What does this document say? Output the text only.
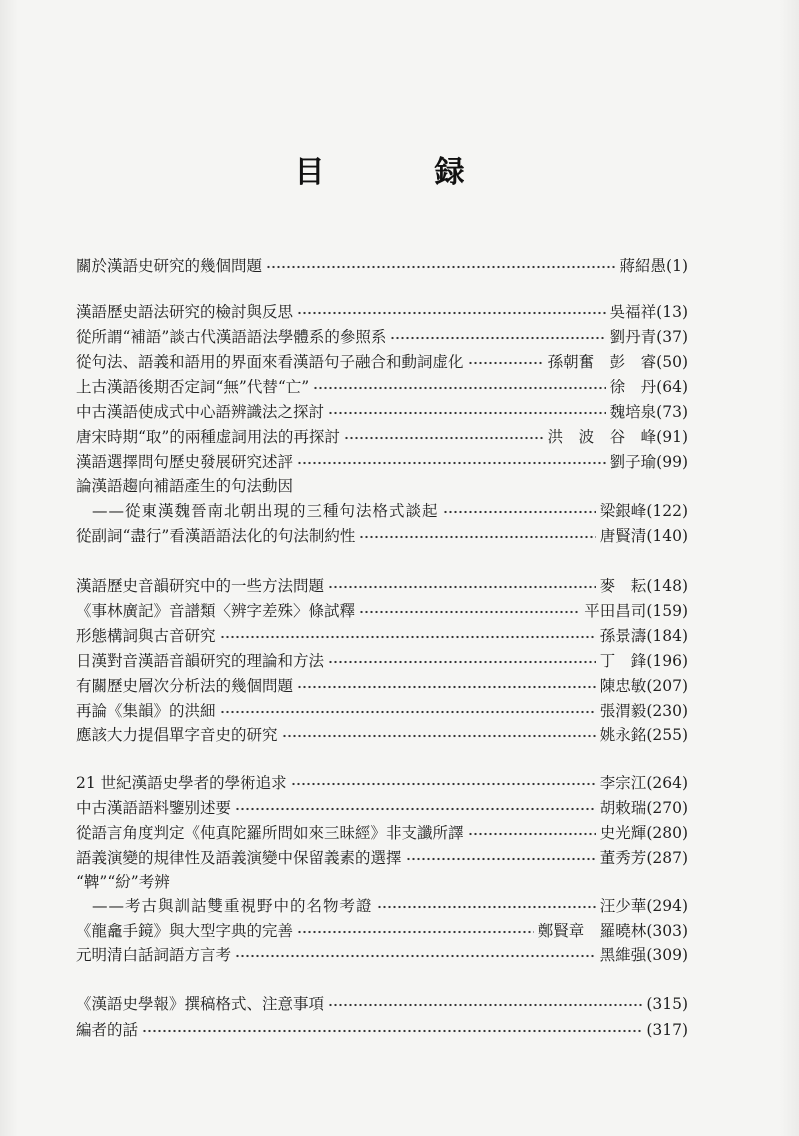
目　録
關於漢語史研究的幾個問題	蔣紹愚 (1)
漢語歷史語法研究的檢討與反思	吳福祥 (13)
從所謂“補語”談古代漢語語法學體系的參照系	劉丹青 (37)
從句法、語義和語用的界面來看漢語句子融合和動詞虚化	孫朝奮　彭　睿 (50)
上古漢語後期否定詞“無”代替“亡”	徐　丹 (64)
中古漢語使成式中心語辨識法之探討	魏培泉 (73)
唐宋時期“取”的兩種虚詞用法的再探討	洪　波　谷　峰 (91)
漢語選擇問句歷史發展研究述評	劉子瑜 (99)
論漢語趨向補語產生的句法動因
——從東漢魏晉南北朝出現的三種句法格式談起	梁銀峰 (122)
從副詞“盡行”看漢語語法化的句法制約性	唐賢清 (140)
漢語歷史音韻研究中的一些方法問題	麥　耘 (148)
《事林廣記》音譜類〈辨字差殊〉條試釋	平田昌司 (159)
形態構詞與古音研究	孫景濤 (184)
日漢對音漢語音韻研究的理論和方法	丁　鋒 (196)
有關歷史層次分析法的幾個問題	陳忠敏 (207)
再論《集韻》的洪細	張渭毅 (230)
應該大力提倡單字音史的研究	姚永銘 (255)
21 世紀漢語史學者的學術追求	李宗江 (264)
中古漢語語料鑒别述要	胡敕瑞 (270)
從語言角度判定《伅真陀羅所問如來三昧經》非支讖所譯	史光輝 (280)
語義演變的規律性及語義演變中保留義素的選擇	董秀芳 (287)
“鞞”“紛”考辨
——考古與訓詁雙重視野中的名物考證	汪少華 (294)
《龍龕手鏡》與大型字典的完善	鄭賢章　羅曉林 (303)
元明清白話詞語方言考	黑維强 (309)
《漢語史學報》撰稿格式、注意事項	(315)
編者的話	(317)
